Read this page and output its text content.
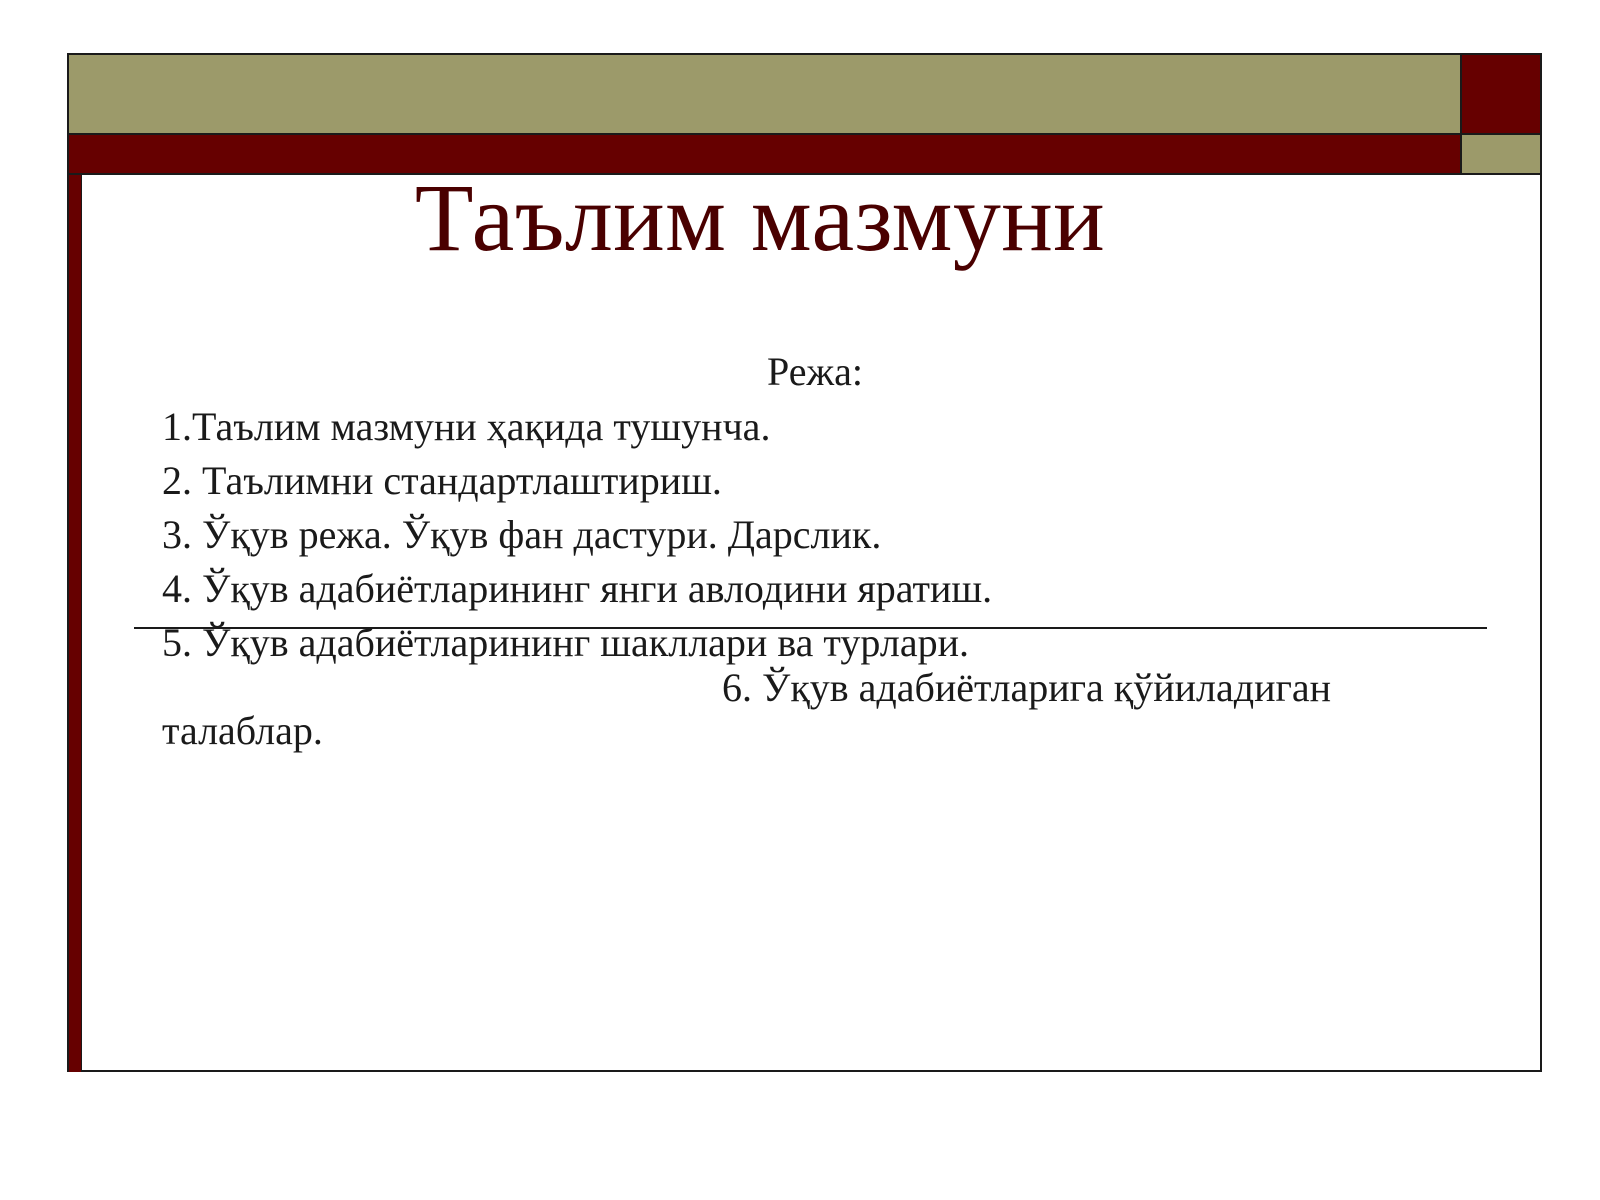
Таълим мазмуни
Режа:
1.Таълим мазмуни ҳақида тушунча.
2. Таълимни стандартлаштириш.
3. Ўқув режа. Ўқув фан дастури. Дарслик.
4. Ўқув адабиётларининг янги авлодини яратиш.
5. Ўқув адабиётларининг шакллари ва турлари.
6. Ўқув адабиётларига қўйиладиган талаблар.
